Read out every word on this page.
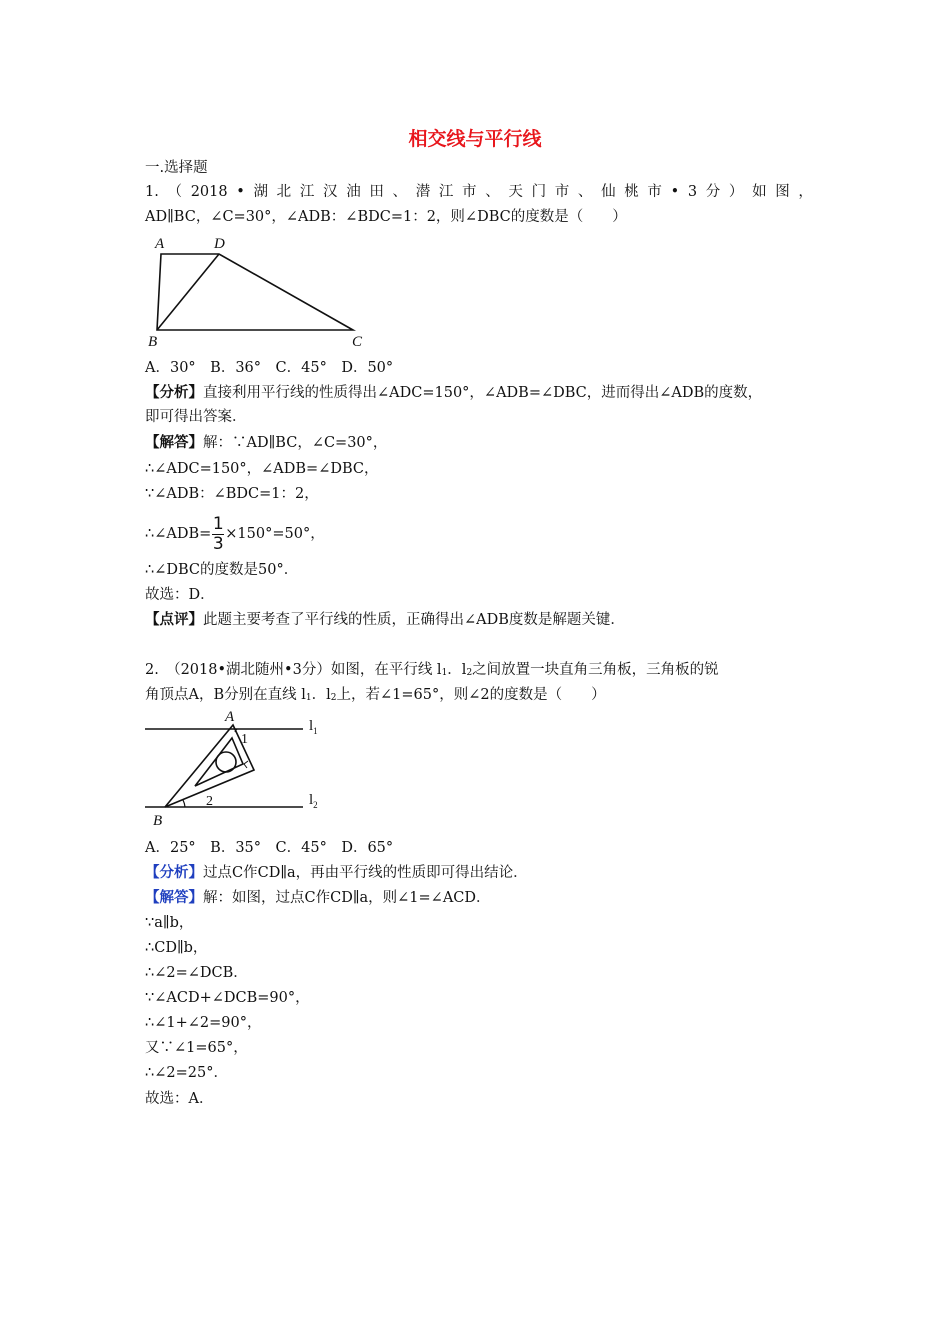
相交线与平行线
一.选择题
1. （ 2018 • 湖 北 江 汉 油 田 、 潜 江 市 、 天 门 市 、 仙 桃 市 • 3 分 ） 如 图 ，
AD∥BC，∠C=30°，∠ADB：∠BDC=1：2，则∠DBC的度数是（　　）
A	D
B	C
A．30°　B．36°　C．45°　D．50°
【分析】直接利用平行线的性质得出∠ADC=150°，∠ADB=∠DBC，进而得出∠ADB的度数，
即可得出答案．
【解答】解：∵AD∥BC，∠C=30°，
∴∠ADC=150°，∠ADB=∠DBC，
∵∠ADB：∠BDC=1：2，
∴∠ADB= $\frac{1}{3} \times 150^\circ=50^\circ$，
∴∠DBC的度数是50°．
故选：D．
【点评】此题主要考查了平行线的性质，正确得出∠ADB度数是解题关键．
2.　（2018•湖北随州•3分）如图，在平行线 l1．l2之间放置一块直角三角板，三角板的锐
角顶点A，B分别在直线 l1．l2上，若∠1=65°，则∠2的度数是（　　）
A
B
1
2
$l_1$
$l_2$
A．25°　B．35°　C．45°　D．65°
【分析】过点C作CD∥a，再由平行线的性质即可得出结论．
【解答】解：如图，过点C作CD∥a，则∠1=∠ACD．
∵a∥b，
∴CD∥b，
∴∠2=∠DCB．
∵∠ACD+∠DCB=90°，
∴∠1+∠2=90°，
又∵∠1=65°，
∴∠2=25°．
故选：A．
